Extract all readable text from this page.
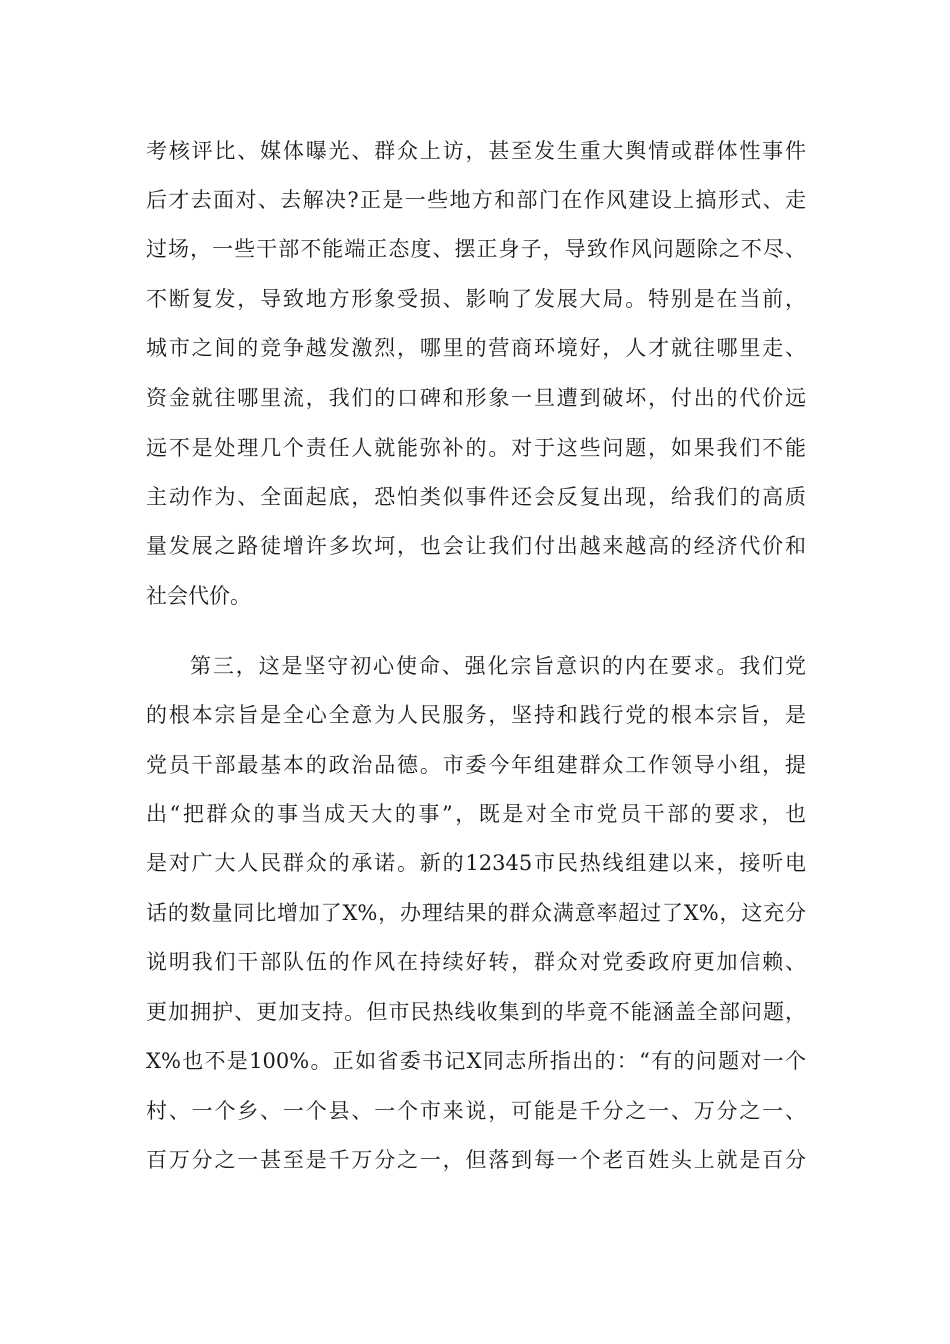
考核评比、媒体曝光、群众上访，甚至发生重大舆情或群体性事件
后才去面对、去解决?正是一些地方和部门在作风建设上搞形式、走
过场，一些干部不能端正态度、摆正身子，导致作风问题除之不尽、
不断复发，导致地方形象受损、影响了发展大局。特别是在当前，
城市之间的竞争越发激烈，哪里的营商环境好，人才就往哪里走、
资金就往哪里流，我们的口碑和形象一旦遭到破坏，付出的代价远
远不是处理几个责任人就能弥补的。对于这些问题，如果我们不能
主动作为、全面起底，恐怕类似事件还会反复出现，给我们的高质
量发展之路徒增许多坎坷，也会让我们付出越来越高的经济代价和
社会代价。
第三，这是坚守初心使命、强化宗旨意识的内在要求。我们党
的根本宗旨是全心全意为人民服务，坚持和践行党的根本宗旨，是
党员干部最基本的政治品德。市委今年组建群众工作领导小组，提
出“把群众的事当成天大的事”，既是对全市党员干部的要求，也
是对广大人民群众的承诺。新的12345市民热线组建以来，接听电
话的数量同比增加了X%，办理结果的群众满意率超过了X%，这充分
说明我们干部队伍的作风在持续好转，群众对党委政府更加信赖、
更加拥护、更加支持。但市民热线收集到的毕竟不能涵盖全部问题，
X%也不是100%。正如省委书记X同志所指出的：“有的问题对一个
村、一个乡、一个县、一个市来说，可能是千分之一、万分之一、
百万分之一甚至是千万分之一，但落到每一个老百姓头上就是百分
